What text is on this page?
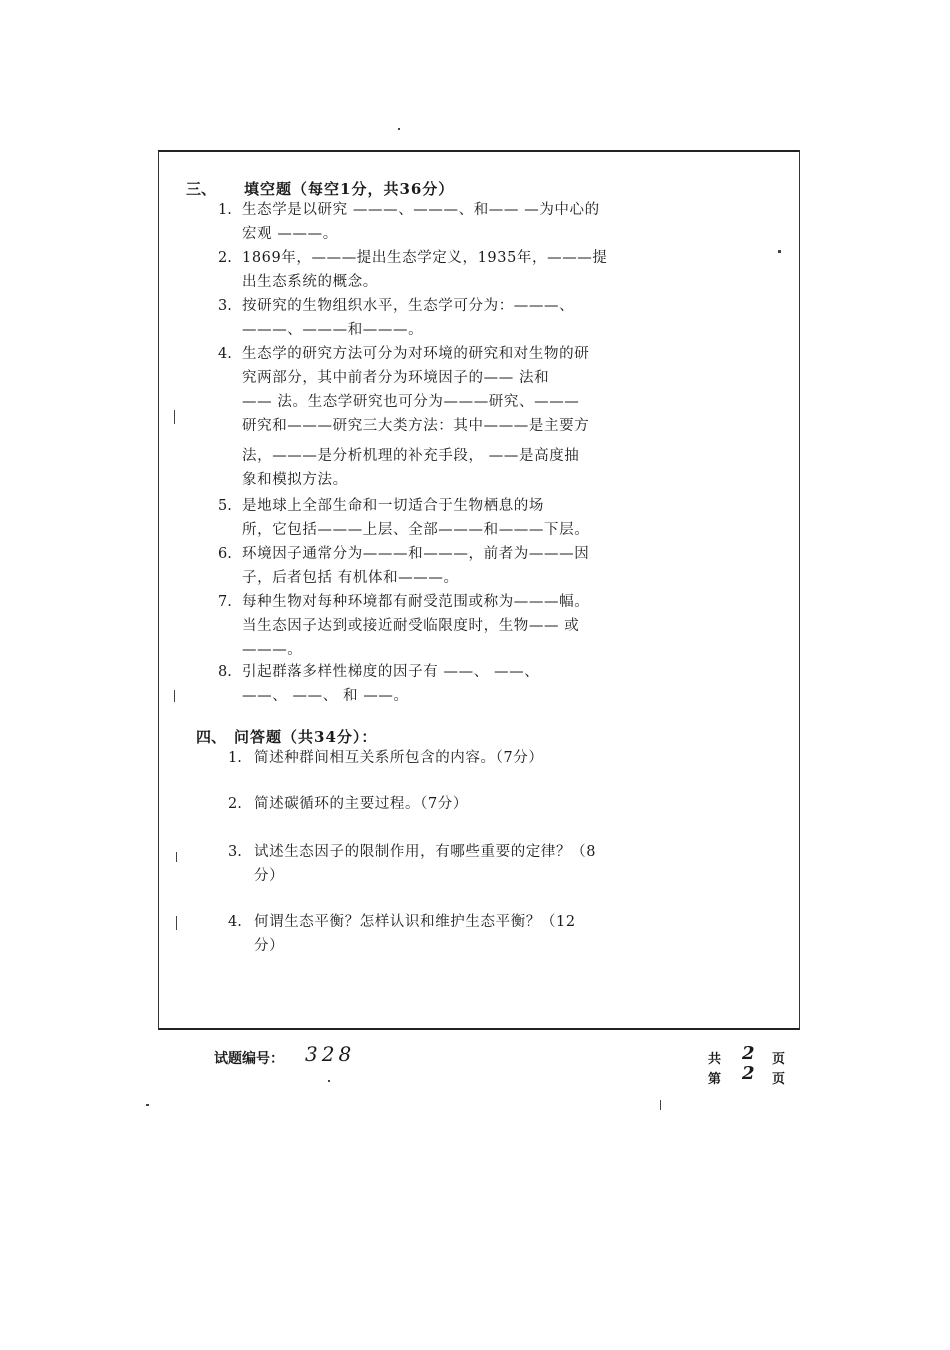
三、 填空题（每空1分，共36分）
1. 生态学是以研究 ———、———、和—— —为中心的
宏观 ———。
2. 1869年，———提出生态学定义，1935年，———提
出生态系统的概念。
3. 按研究的生物组织水平，生态学可分为：———、
———、———和———。
4. 生态学的研究方法可分为对环境的研究和对生物的研
究两部分，其中前者分为环境因子的—— 法和
—— 法。生态学研究也可分为———研究、———
研究和———研究三大类方法：其中———是主要方
法，———是分析机理的补充手段， ——是高度抽
象和模拟方法。
5. 是地球上全部生命和一切适合于生物栖息的场
所，它包括———上层、全部———和———下层。
6. 环境因子通常分为———和———，前者为———因
子，后者包括 有机体和———。
7. 每种生物对每种环境都有耐受范围或称为———幅。
当生态因子达到或接近耐受临限度时，生物—— 或
———。
8. 引起群落多样性梯度的因子有 ——、 ——、
——、 ——、 和 ——。
四、 问答题（共34分）：
1. 简述种群间相互关系所包含的内容。（7分）
2. 简述碳循环的主要过程。（7分）
3. 试述生态因子的限制作用，有哪些重要的定律？（8
分）
4. 何谓生态平衡？怎样认识和维护生态平衡？（12
分）
试题编号： 328	共 2 页
第 2 页
